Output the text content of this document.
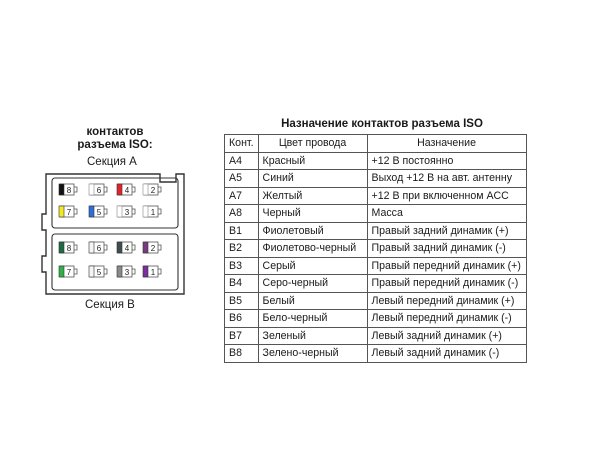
контактов
разъема ISO:
Секция A
Секция B
8	6	4	2
7	5	3	1
8	6	4	2
7	5	3	1
Назначение контактов разъема ISO
Конт.	Цвет провода	Назначение
A4	Красный	+12 В постоянно
A5	Синий	Выход +12 В на авт. антенну
A7	Желтый	+12 В при включенном ACC
A8	Черный	Масса
B1	Фиолетовый	Правый задний динамик (+)
B2	Фиолетово-черный	Правый задний динамик (-)
B3	Серый	Правый передний динамик (+)
B4	Серо-черный	Правый передний динамик (-)
B5	Белый	Левый передний динамик (+)
B6	Бело-черный	Левый передний динамик (-)
B7	Зеленый	Левый задний динамик (+)
B8	Зелено-черный	Левый задний динамик (-)
